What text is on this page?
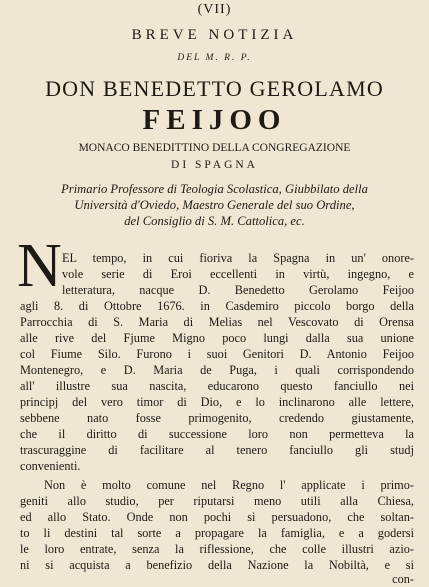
(VII)
BREVE NOTIZIA
DEL M. R. P.
DON BENEDETTO GEROLAMO
FEIJOO
MONACO BENEDITTINO DELLA CONGREGAZIONE
DI SPAGNA
Primario Professore di Teologia Scolastica, Giubbilato della
Università d'Oviedo, Maestro Generale del suo Ordine,
del Consiglio di S. M. Cattolica, ec.
N EL tempo, in cui fioriva la Spagna in un' onore-
vole serie di Eroi eccellenti in virtù, ingegno, e
letteratura, nacque D. Benedetto Gerolamo Feijoo
agli 8. di Ottobre 1676. in Casdemiro piccolo borgo della
Parrocchia di S. Maria di Melias nel Vescovato di Orensa
alle rive del Fjume Migno poco lungi dalla sua unione
col Fiume Silo. Furono i suoi Genitori D. Antonio Feijoo
Montenegro, e D. Maria de Puga, i quali corrispondendo
all' illustre sua nascita, educarono questo fanciullo nei
principj del vero timor di Dio, e lo inclinarono alle lettere,
sebbene nato fosse primogenito, credendo giustamente,
che il diritto di successione loro non permetteva la
trascuraggine di facilitare al tenero fanciullo gli studj
convenienti.
Non è molto comune nel Regno l' applicate i primo-
geniti allo studio, per riputarsi meno utili alla Chiesa,
ed allo Stato. Onde non pochi si persuadono, che soltan-
to li destini tal sorte a propagare la famiglia, e a godersi
le loro entrate, senza la riflessione, che colle illustri azio-
ni si acquista a benefizio della Nazione la Nobiltà, e si
con-
